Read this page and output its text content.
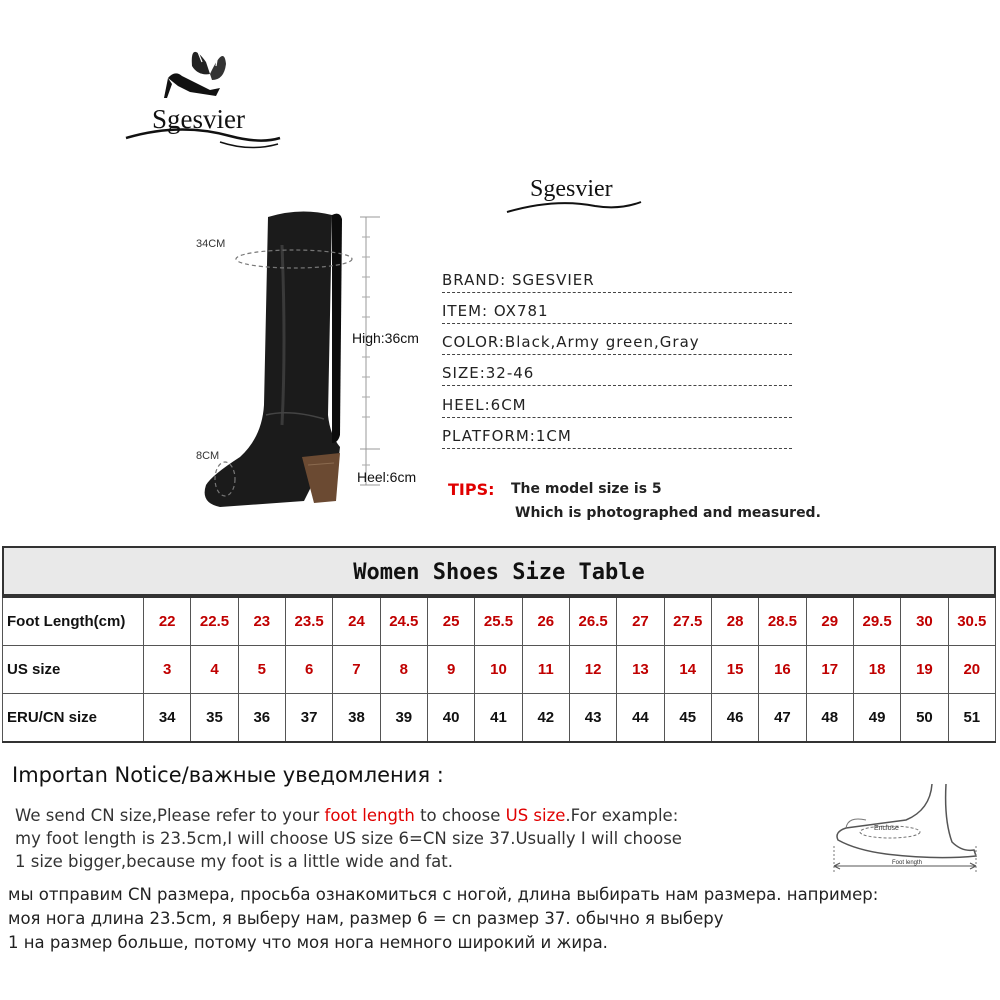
Sgesvier
Sgesvier
34CM
High:36cm
8CM
Heel:6cm
BRAND: SGESVIER
ITEM: OX781
COLOR:Black,Army green,Gray
SIZE:32-46
HEEL:6CM
PLATFORM:1CM
TIPS: The model size is 5
Which is photographed and measured.
Women Shoes Size Table
Foot Length(cm)	22	22.5	23	23.5	24	24.5	25	25.5	26	26.5	27	27.5	28	28.5	29	29.5	30	30.5
US size	3	4	5	6	7	8	9	10	11	12	13	14	15	16	17	18	19	20
ERU/CN size	34	35	36	37	38	39	40	41	42	43	44	45	46	47	48	49	50	51
Importan Notice/важные уведомления :
We send CN size,Please refer to your foot length to choose US size.For example:
my foot length is 23.5cm,I will choose US size 6=CN size 37.Usually I will choose
1 size bigger,because my foot is a little wide and fat.
мы отправим CN размера, просьба ознакомиться с ногой, длина выбирать нам размера. например:
моя нога длина 23.5cm, я выберу нам, размер 6 = cn размер 37. обычно я выберу
1 на размер больше, потому что моя нога немного широкий и жира.
Enclose
Foot length
